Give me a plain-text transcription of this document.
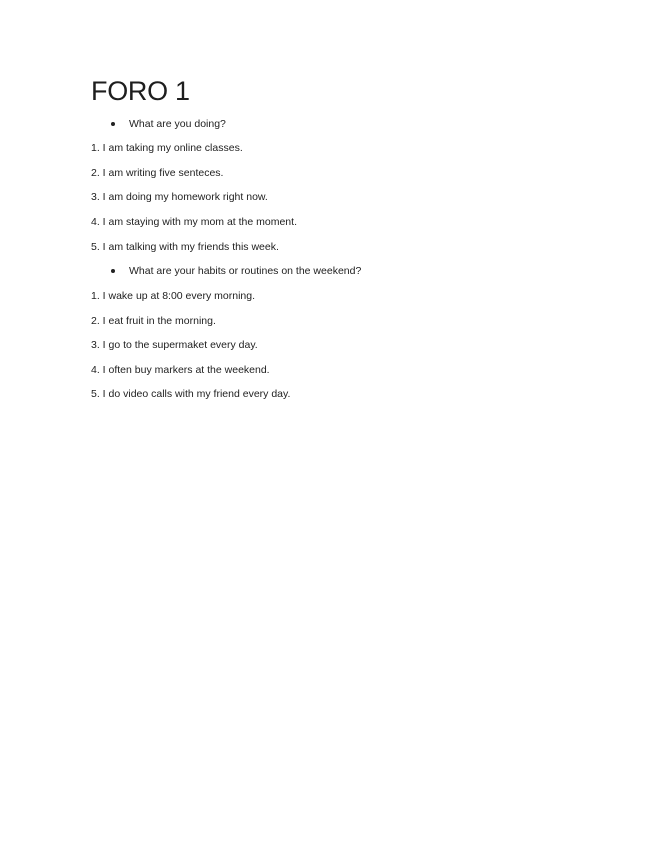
FORO 1
What are you doing?
1. I am taking my online classes.
2. I am writing five senteces.
3. I am doing my homework right now.
4. I am staying with my mom at the moment.
5. I am talking with my friends this week.
What are your habits or routines on the weekend?
1. I wake up at 8:00 every morning.
2. I eat fruit in the morning.
3. I go to the supermaket every day.
4. I often buy markers at the weekend.
5. I do video calls with my friend every day.
